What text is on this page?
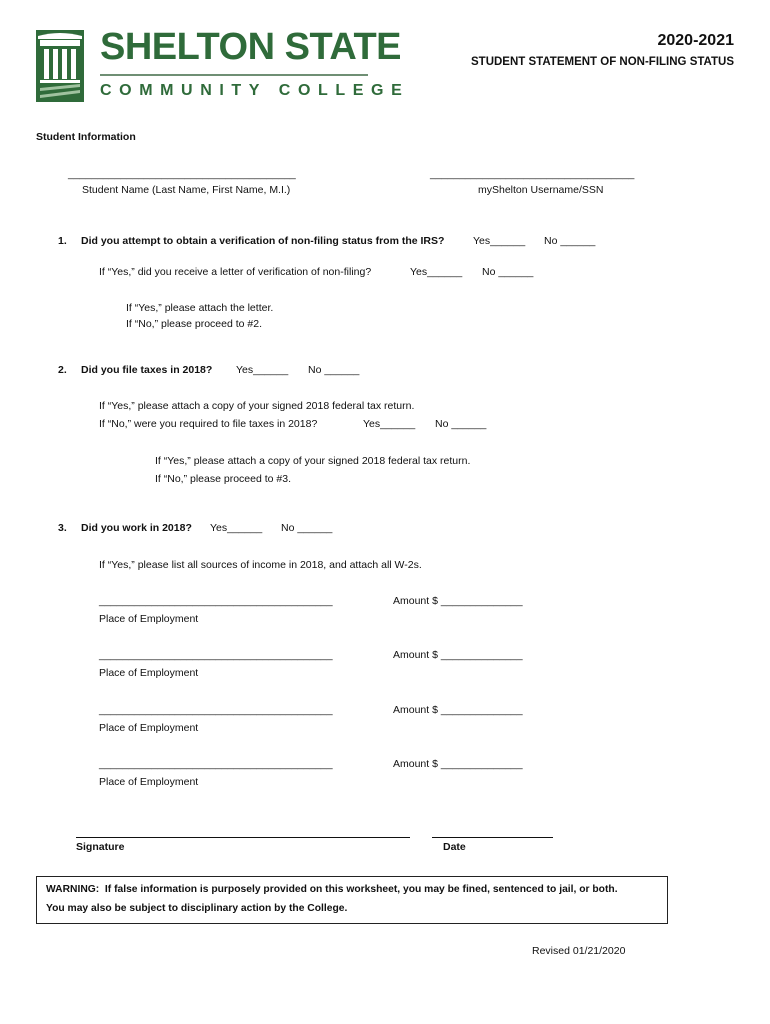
SHELTON STATE
COMMUNITY COLLEGE
2020-2021
STUDENT STATEMENT OF NON-FILING STATUS
Student Information
_______________________________________
Student Name (Last Name, First Name, M.I.)
___________________________________
myShelton Username/SSN
1. Did you attempt to obtain a verification of non-filing status from the IRS?	Yes______ No ______
If “Yes,” did you receive a letter of verification of non-filing?	Yes______ No ______
If “Yes,” please attach the letter.
If “No,” please proceed to #2.
2. Did you file taxes in 2018? Yes______ No ______
If “Yes,” please attach a copy of your signed 2018 federal tax return.
If “No,” were you required to file taxes in 2018?	Yes______ No ______
If “Yes,” please attach a copy of your signed 2018 federal tax return.
If “No,” please proceed to #3.
3. Did you work in 2018? Yes______ No ______
If “Yes,” please list all sources of income in 2018, and attach all W-2s.
________________________________________	Amount $ ______________
Place of Employment
________________________________________	Amount $ ______________
Place of Employment
________________________________________	Amount $ ______________
Place of Employment
________________________________________	Amount $ ______________
Place of Employment
Signature	Date
WARNING:  If false information is purposely provided on this worksheet, you may be fined, sentenced to jail, or both.
You may also be subject to disciplinary action by the College.
Revised 01/21/2020
